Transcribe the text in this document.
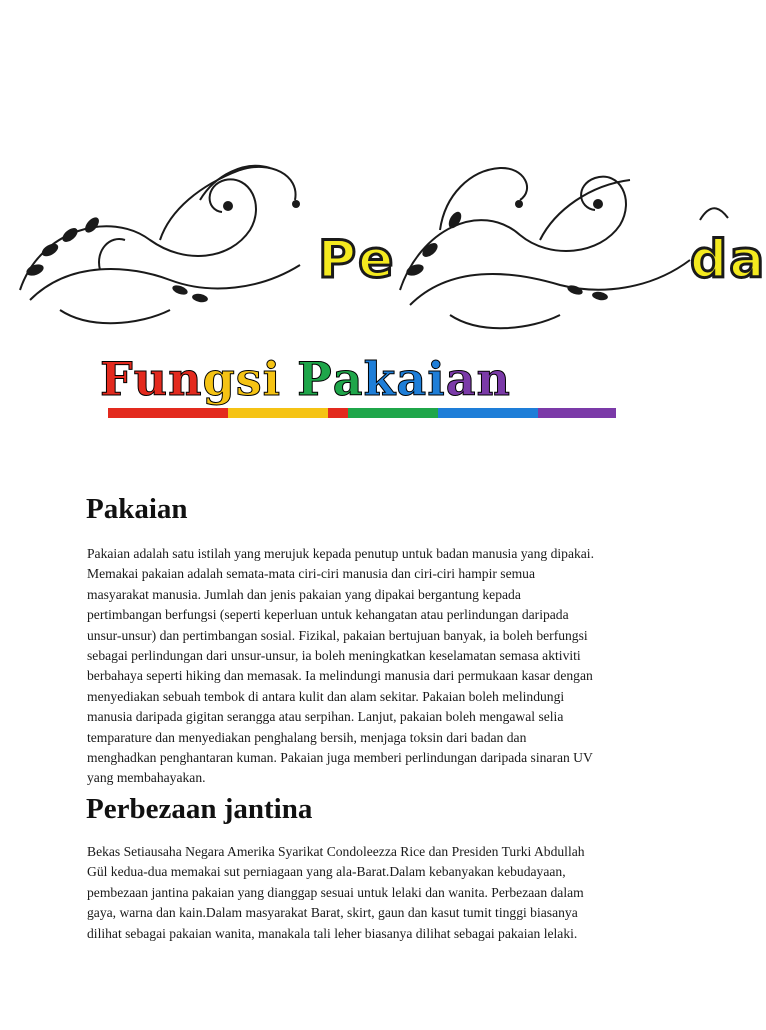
Pe	da
Fungsi Pakaian
Pakaian
Pakaian adalah satu istilah yang merujuk kepada penutup untuk badan manusia yang dipakai.
Memakai pakaian adalah semata-mata ciri-ciri manusia dan ciri-ciri hampir semua
masyarakat manusia. Jumlah dan jenis pakaian yang dipakai bergantung kepada
pertimbangan berfungsi (seperti keperluan untuk kehangatan atau perlindungan daripada
unsur-unsur) dan pertimbangan sosial. Fizikal, pakaian bertujuan banyak, ia boleh berfungsi
sebagai perlindungan dari unsur-unsur, ia boleh meningkatkan keselamatan semasa aktiviti
berbahaya seperti hiking dan memasak. Ia melindungi manusia dari permukaan kasar dengan
menyediakan sebuah tembok di antara kulit dan alam sekitar. Pakaian boleh melindungi
manusia daripada gigitan serangga atau serpihan. Lanjut, pakaian boleh mengawal selia
temparature dan menyediakan penghalang bersih, menjaga toksin dari badan dan
menghadkan penghantaran kuman. Pakaian juga memberi perlindungan daripada sinaran UV
yang membahayakan.
Perbezaan jantina
Bekas Setiausaha Negara Amerika Syarikat Condoleezza Rice dan Presiden Turki Abdullah
Gül kedua-dua memakai sut perniagaan yang ala-Barat.Dalam kebanyakan kebudayaan,
pembezaan jantina pakaian yang dianggap sesuai untuk lelaki dan wanita. Perbezaan dalam
gaya, warna dan kain.Dalam masyarakat Barat, skirt, gaun dan kasut tumit tinggi biasanya
dilihat sebagai pakaian wanita, manakala tali leher biasanya dilihat sebagai pakaian lelaki.
